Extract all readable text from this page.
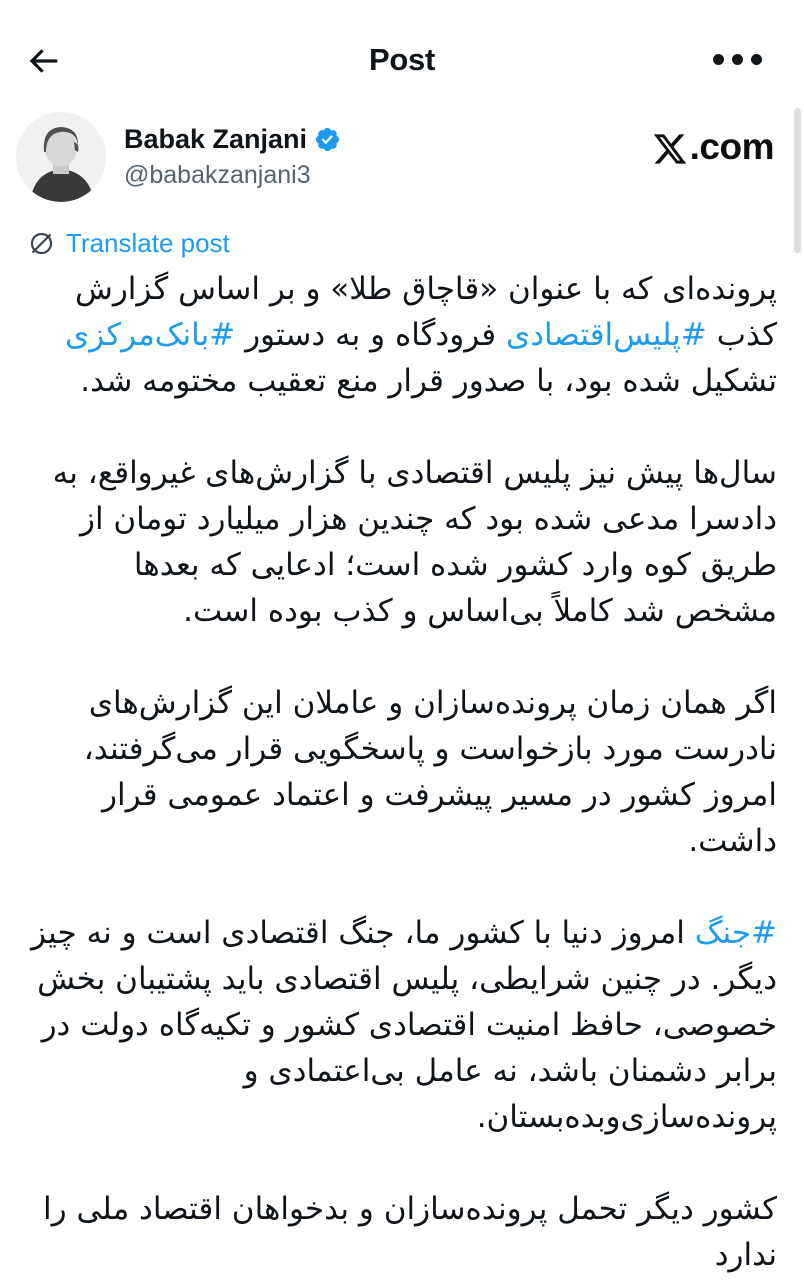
Post
Babak Zanjani
@babakzanjani3
.com
Translate post

پرونده‌ای که با عنوان «قاچاق طلا» و بر اساس گزارش کذب #پلیس‌اقتصادی فرودگاه و به دستور #بانک‌مرکزی تشکیل شده بود، با صدور قرار منع تعقیب مختومه شد.

سال‌ها پیش نیز پلیس اقتصادی با گزارش‌های غیرواقع، به دادسرا مدعی شده بود که چندین هزار میلیارد تومان از طریق کوه وارد کشور شده است؛ ادعایی که بعدها مشخص شد کاملاً بی‌اساس و کذب بوده است.

اگر همان زمان پرونده‌سازان و عاملان این گزارش‌های نادرست مورد بازخواست و پاسخگویی قرار می‌گرفتند، امروز کشور در مسیر پیشرفت و اعتماد عمومی قرار داشت.

#جنگ امروز دنیا با کشور ما، جنگ اقتصادی است و نه چیز دیگر. در چنین شرایطی، پلیس اقتصادی باید پشتیبان بخش خصوصی، حافظ امنیت اقتصادی کشور و تکیه‌گاه دولت در برابر دشمنان باشد، نه عامل بی‌اعتمادی و پرونده‌سازی‌وبده‌بستان.

کشور دیگر تحمل پرونده‌سازان و بدخواهان اقتصاد ملی را ندارد
